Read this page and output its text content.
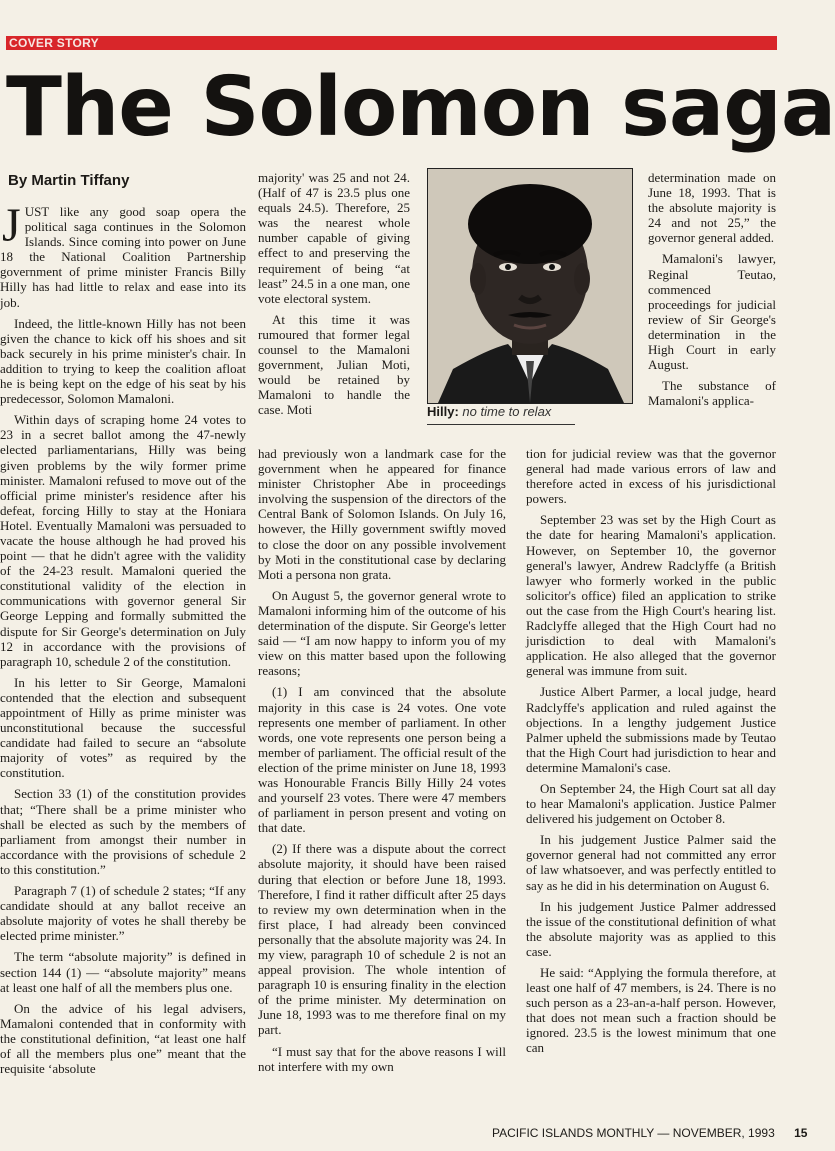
COVER STORY
The Solomon saga
By Martin Tiffany

JUST like any good soap opera the political saga continues in the Solomon Islands. Since coming into power on June 18 the National Coalition Partnership government of prime minister Francis Billy Hilly has had little to relax and ease into its job.

Indeed, the little-known Hilly has not been given the chance to kick off his shoes and sit back securely in his prime minister's chair. In addition to trying to keep the coalition afloat he is being kept on the edge of his seat by his predecessor, Solomon Mamaloni.

Within days of scraping home 24 votes to 23 in a secret ballot among the 47-newly elected parliamentarians, Hilly was being given problems by the wily former prime minister. Mamaloni refused to move out of the official prime minister's residence after his defeat, forcing Hilly to stay at the Honiara Hotel. Eventually Mamaloni was persuaded to vacate the house although he had proved his point — that he didn't agree with the validity of the 24-23 result. Mamaloni queried the constitutional validity of the election in communications with governor general Sir George Lepping and formally submitted the dispute for Sir George's determination on July 12 in accordance with the provisions of paragraph 10, schedule 2 of the constitution.

In his letter to Sir George, Mamaloni contended that the election and subsequent appointment of Hilly as prime minister was unconstitutional because the successful candidate had failed to secure an “absolute majority of votes” as required by the constitution.

Section 33 (1) of the constitution provides that; “There shall be a prime minister who shall be elected as such by the members of parliament from amongst their number in accordance with the provisions of schedule 2 to this constitution.”

Paragraph 7 (1) of schedule 2 states; “If any candidate should at any ballot receive an absolute majority of votes he shall thereby be elected prime minister.”

The term “absolute majority” is defined in section 144 (1) — “absolute majority” means at least one half of all the members plus one.

On the advice of his legal advisers, Mamaloni contended that in conformity with the constitutional definition, “at least one half of all the members plus one” meant that the requisite ‘absolute

majority' was 25 and not 24. (Half of 47 is 23.5 plus one equals 24.5). Therefore, 25 was the nearest whole number capable of giving effect to and preserving the requirement of being “at least” 24.5 in a one man, one vote electoral system.

At this time it was rumoured that former legal counsel to the Mamaloni government, Julian Moti, would be retained by Mamaloni to handle the case. Moti	Hilly: no time to relax

determination made on June 18, 1993. That is the absolute majority is 24 and not 25,” the governor general added.

Mamaloni's lawyer, Reginal Teutao, commenced proceedings for judicial review of Sir George's determination in the High Court in early August.

The substance of Mamaloni's applica-

had previously won a landmark case for the government when he appeared for finance minister Christopher Abe in proceedings involving the suspension of the directors of the Central Bank of Solomon Islands. On July 16, however, the Hilly government swiftly moved to close the door on any possible involvement by Moti in the constitutional case by declaring Moti a persona non grata.

On August 5, the governor general wrote to Mamaloni informing him of the outcome of his determination of the dispute. Sir George's letter said — “I am now happy to inform you of my view on this matter based upon the following reasons;

(1) I am convinced that the absolute majority in this case is 24 votes. One vote represents one member of parliament. In other words, one vote represents one person being a member of parliament. The official result of the election of the prime minister on June 18, 1993 was Honourable Francis Billy Hilly 24 votes and yourself 23 votes. There were 47 members of parliament in person present and voting on that date.

(2) If there was a dispute about the correct absolute majority, it should have been raised during that election or before June 18, 1993. Therefore, I find it rather difficult after 25 days to review my own determination when in the first place, I had already been convinced personally that the absolute majority was 24. In my view, paragraph 10 of schedule 2 is not an appeal provision. The whole intention of paragraph 10 is ensuring finality in the election of the prime minister. My determination on June 18, 1993 was to me therefore final on my part.

“I must say that for the above reasons I will not interfere with my own

tion for judicial review was that the governor general had made various errors of law and therefore acted in excess of his jurisdictional powers.

September 23 was set by the High Court as the date for hearing Mamaloni's application. However, on September 10, the governor general's lawyer, Andrew Radclyffe (a British lawyer who formerly worked in the public solicitor's office) filed an application to strike out the case from the High Court's hearing list. Radclyffe alleged that the High Court had no jurisdiction to deal with Mamaloni's application. He also alleged that the governor general was immune from suit.

Justice Albert Parmer, a local judge, heard Radclyffe's application and ruled against the objections. In a lengthy judgement Justice Palmer upheld the submissions made by Teutao that the High Court had jurisdiction to hear and determine Mamaloni's case.

On September 24, the High Court sat all day to hear Mamaloni's application. Justice Palmer delivered his judgement on October 8.

In his judgement Justice Palmer said the governor general had not committed any error of law whatsoever, and was perfectly entitled to say as he did in his determination on August 6.

In his judgement Justice Palmer addressed the issue of the constitutional definition of what the absolute majority was as applied to this case.

He said: “Applying the formula therefore, at least one half of 47 members, is 24. There is no such person as a 23-an-a-half person. However, that does not mean such a fraction should be ignored. 23.5 is the lowest minimum that one can

PACIFIC ISLANDS MONTHLY — NOVEMBER, 1993 15
